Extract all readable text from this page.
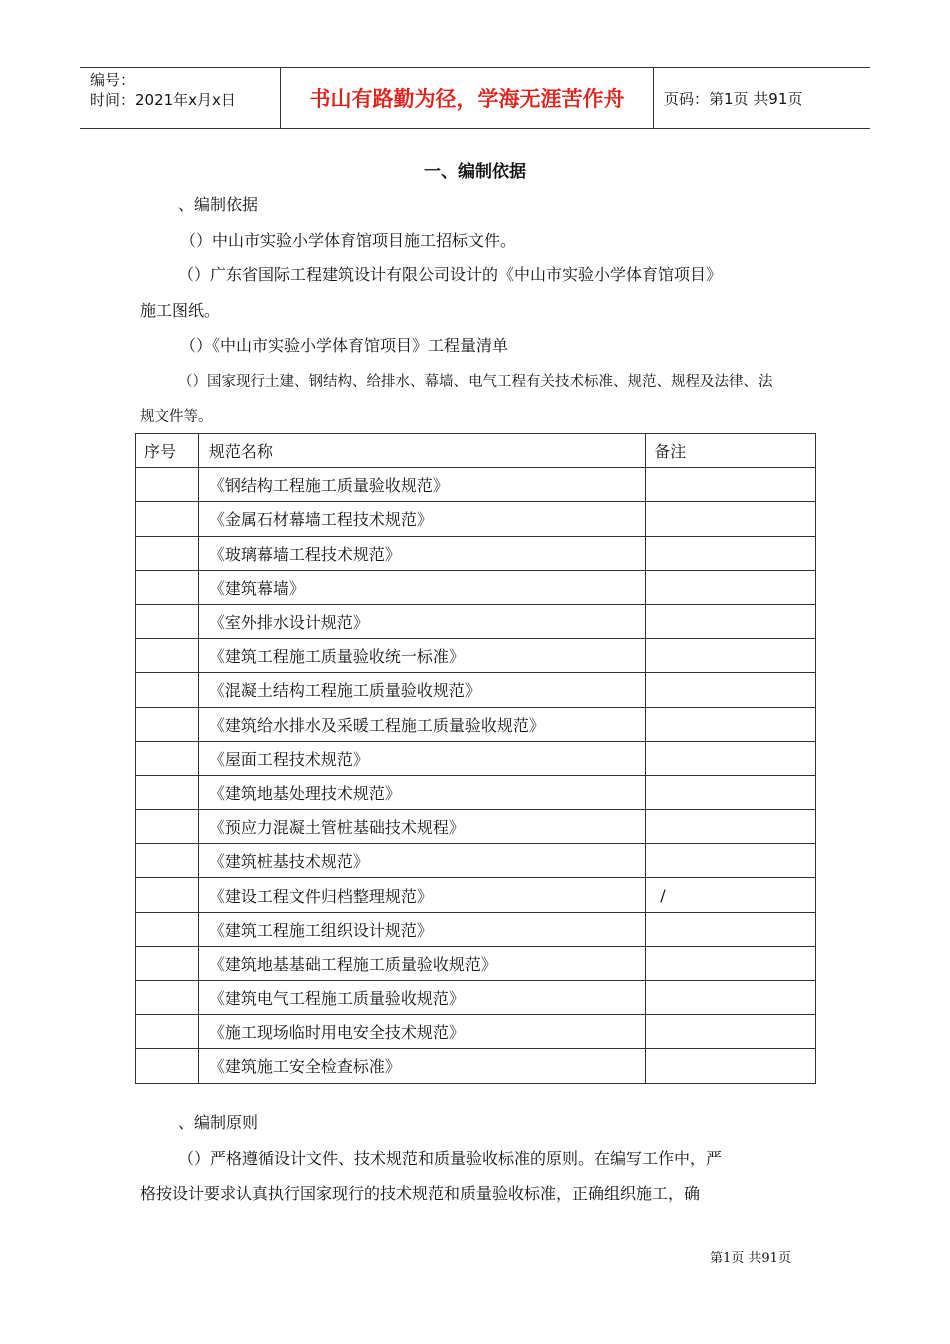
编号：
时间：2021年x月x日	书山有路勤为径，学海无涯苦作舟	页码：第1页 共91页
一、编制依据
、编制依据
（）中山市实验小学体育馆项目施工招标文件。
（）广东省国际工程建筑设计有限公司设计的《中山市实验小学体育馆项目》
施工图纸。
（）《中山市实验小学体育馆项目》工程量清单
（）国家现行土建、钢结构、给排水、幕墙、电气工程有关技术标准、规范、规程及法律、法
规文件等。
序号	规范名称	备注
	《钢结构工程施工质量验收规范》	
	《金属石材幕墙工程技术规范》	
	《玻璃幕墙工程技术规范》	
	《建筑幕墙》	
	《室外排水设计规范》	
	《建筑工程施工质量验收统一标准》	
	《混凝土结构工程施工质量验收规范》	
	《建筑给水排水及采暖工程施工质量验收规范》	
	《屋面工程技术规范》	
	《建筑地基处理技术规范》	
	《预应力混凝土管桩基础技术规程》	
	《建筑桩基技术规范》	
	《建设工程文件归档整理规范》	/
	《建筑工程施工组织设计规范》	
	《建筑地基基础工程施工质量验收规范》	
	《建筑电气工程施工质量验收规范》	
	《施工现场临时用电安全技术规范》	
	《建筑施工安全检查标准》	
、编制原则
（）严格遵循设计文件、技术规范和质量验收标准的原则。在编写工作中，严
格按设计要求认真执行国家现行的技术规范和质量验收标准，正确组织施工，确
第1页 共91页
